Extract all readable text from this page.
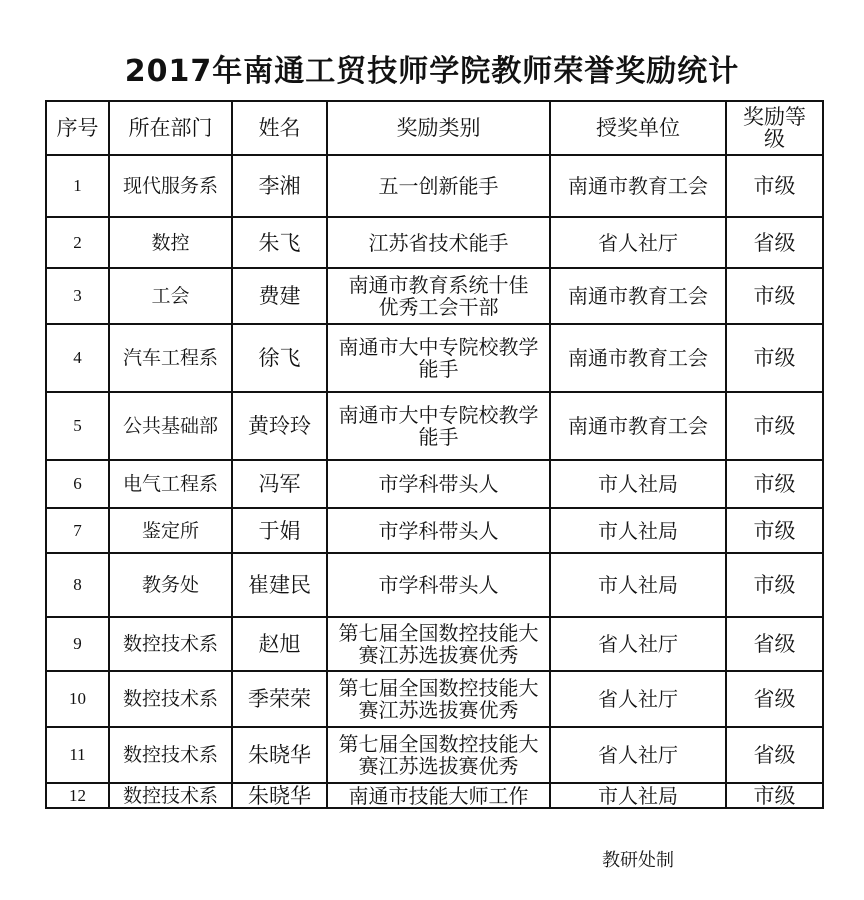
2017年南通工贸技师学院教师荣誉奖励统计
序号	所在部门	姓名	奖励类别	授奖单位	奖励等级
1	现代服务系	李湘	五一创新能手	南通市教育工会	市级
2	数控	朱飞	江苏省技术能手	省人社厅	省级
3	工会	费建	南通市教育系统十佳优秀工会干部	南通市教育工会	市级
4	汽车工程系	徐飞	南通市大中专院校教学能手	南通市教育工会	市级
5	公共基础部	黄玲玲	南通市大中专院校教学能手	南通市教育工会	市级
6	电气工程系	冯军	市学科带头人	市人社局	市级
7	鉴定所	于娟	市学科带头人	市人社局	市级
8	教务处	崔建民	市学科带头人	市人社局	市级
9	数控技术系	赵旭	第七届全国数控技能大赛江苏选拔赛优秀	省人社厅	省级
10	数控技术系	季荣荣	第七届全国数控技能大赛江苏选拔赛优秀	省人社厅	省级
11	数控技术系	朱晓华	第七届全国数控技能大赛江苏选拔赛优秀	省人社厅	省级
12	数控技术系	朱晓华	南通市技能大师工作	市人社局	市级
教研处制
